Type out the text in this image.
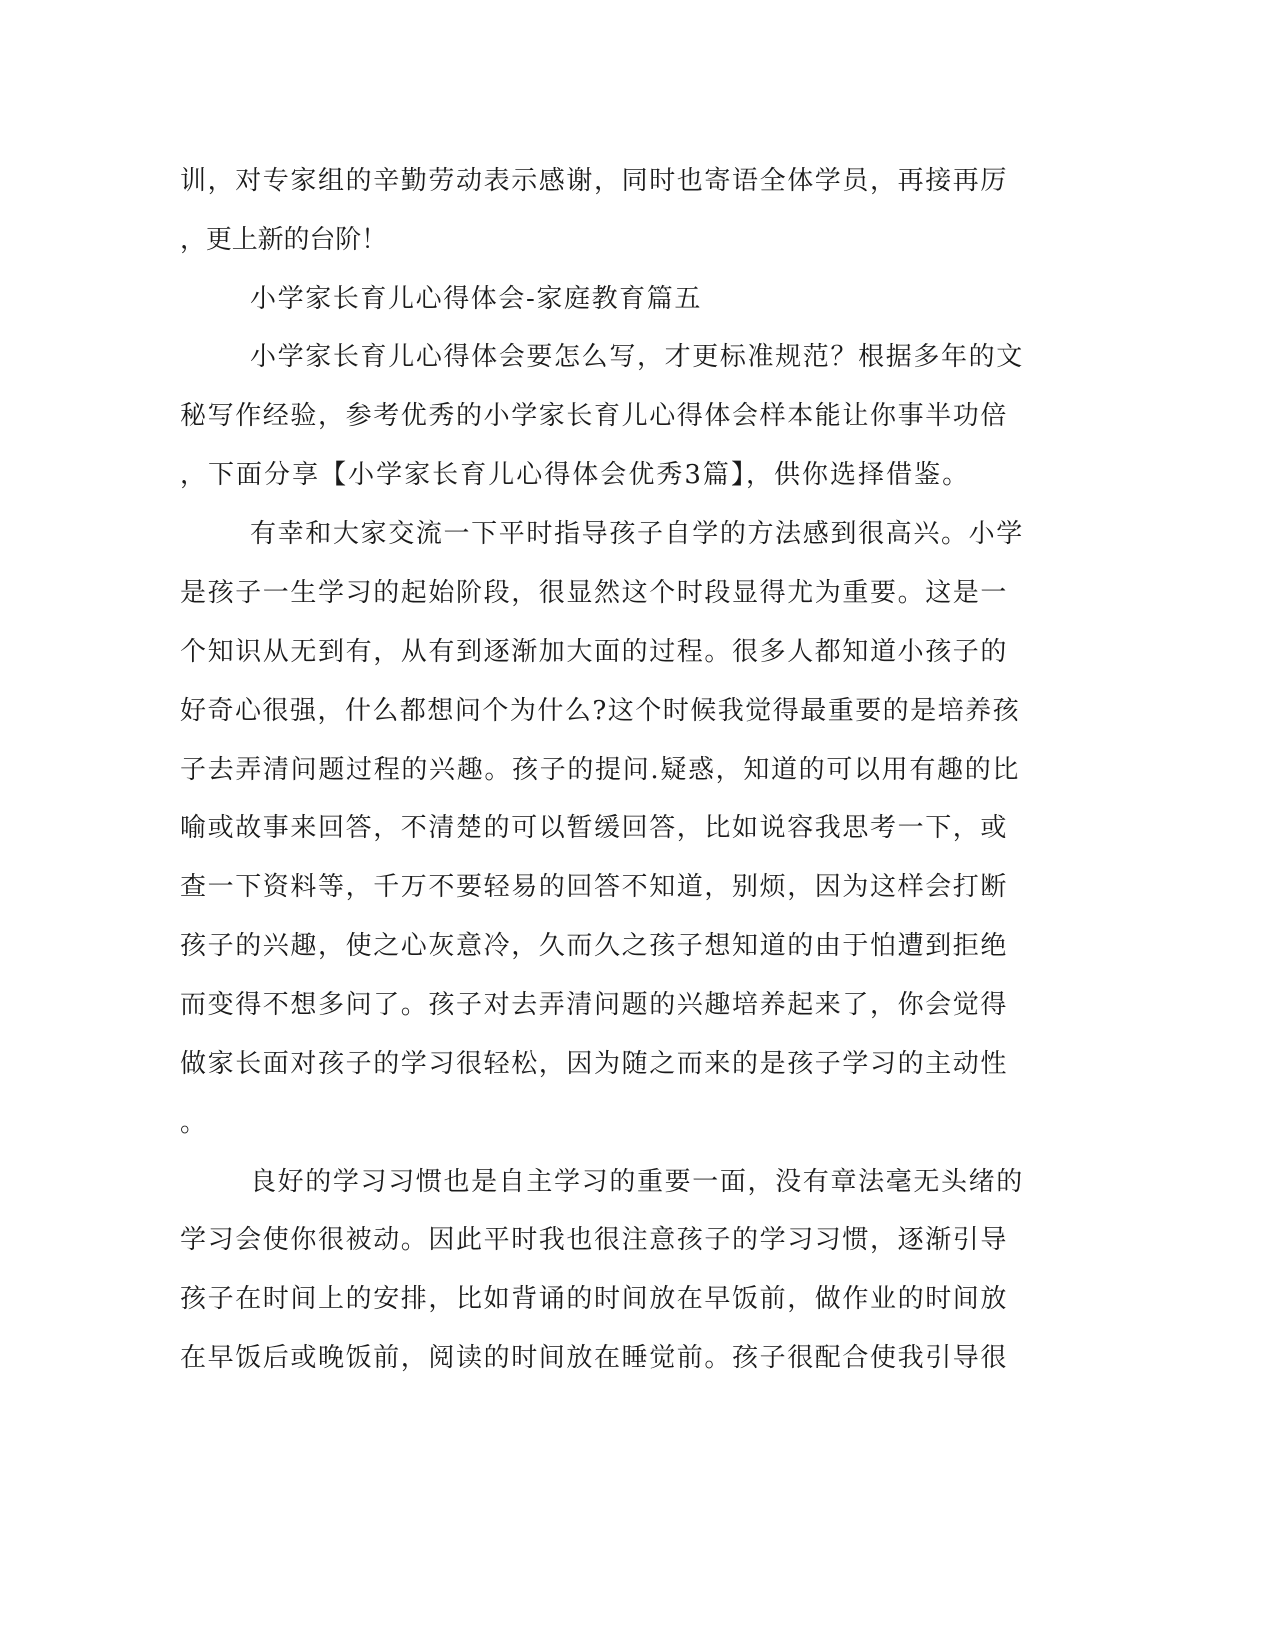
训，对专家组的辛勤劳动表示感谢，同时也寄语全体学员，再接再厉
，更上新的台阶！
小学家长育儿心得体会-家庭教育篇五
小学家长育儿心得体会要怎么写，才更标准规范？根据多年的文
秘写作经验，参考优秀的小学家长育儿心得体会样本能让你事半功倍
，下面分享【小学家长育儿心得体会优秀3篇】，供你选择借鉴。
有幸和大家交流一下平时指导孩子自学的方法感到很高兴。小学
是孩子一生学习的起始阶段，很显然这个时段显得尤为重要。这是一
个知识从无到有，从有到逐渐加大面的过程。很多人都知道小孩子的
好奇心很强，什么都想问个为什么?这个时候我觉得最重要的是培养孩
子去弄清问题过程的兴趣。孩子的提问.疑惑，知道的可以用有趣的比
喻或故事来回答，不清楚的可以暂缓回答，比如说容我思考一下，或
查一下资料等，千万不要轻易的回答不知道，别烦，因为这样会打断
孩子的兴趣，使之心灰意冷，久而久之孩子想知道的由于怕遭到拒绝
而变得不想多问了。孩子对去弄清问题的兴趣培养起来了，你会觉得
做家长面对孩子的学习很轻松，因为随之而来的是孩子学习的主动性
。
良好的学习习惯也是自主学习的重要一面，没有章法毫无头绪的
学习会使你很被动。因此平时我也很注意孩子的学习习惯，逐渐引导
孩子在时间上的安排，比如背诵的时间放在早饭前，做作业的时间放
在早饭后或晚饭前，阅读的时间放在睡觉前。孩子很配合使我引导很
